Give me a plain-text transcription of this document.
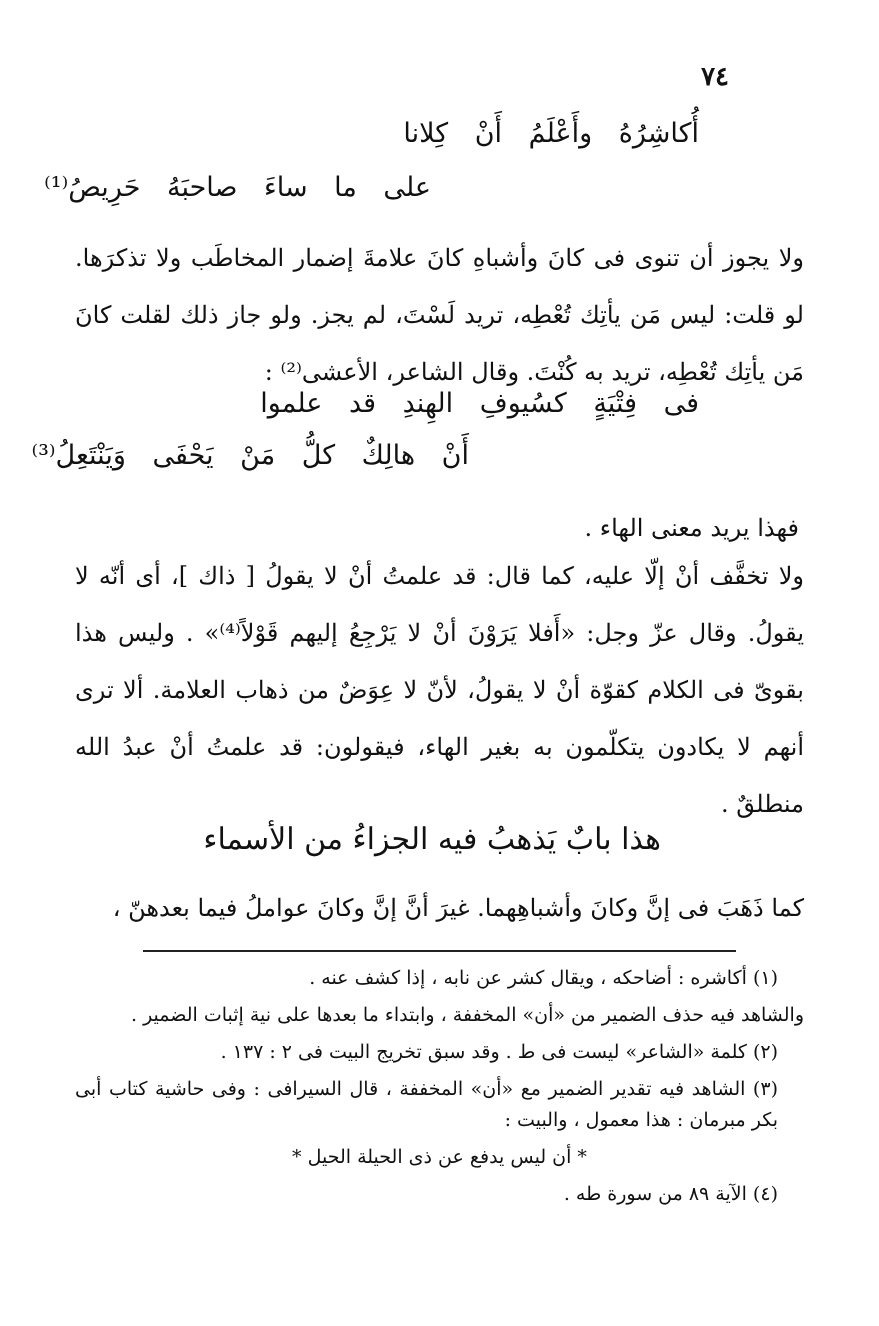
٧٤
أُكاشِرُهُ وأَعْلَمُ أَنْ كِلانا
على ما ساءَ صاحبَهُ حَرِيصُ⁽¹⁾

ولا يجوز أن تنوى فى كانَ وأشباهِ كانَ علامةَ إضمار المخاطَب ولا تذكرَها. لو قلت: ليس مَن يأتِك تُعْطِه، تريد لَسْتَ، لم يجز. ولو جاز ذلك لقلت كانَ مَن يأتِك تُعْطِه، تريد به كُنْتَ. وقال الشاعر، الأعشى⁽²⁾ :

فى فِتْيَةٍ كسُيوفِ الهِندِ قد علموا
أَنْ هالِكٌ كلُّ مَنْ يَحْفَى وَيَنْتَعِلُ⁽³⁾

فهذا يريد معنى الهاء .

ولا تخفَّف أنْ إلّا عليه، كما قال: قد علمتُ أنْ لا يقولُ [ ذاك ]، أى أنّه لا يقولُ. وقال عزّ وجل: «أَفلا يَرَوْنَ أنْ لا يَرْجِعُ إليهم قَوْلاً⁽⁴⁾» . وليس هذا بقوىّ فى الكلام كقوّة أنْ لا يقولُ، لأنّ لا عِوَضٌ من ذهاب العلامة. ألا ترى أنهم لا يكادون يتكلّمون به بغير الهاء، فيقولون: قد علمتُ أنْ عبدُ الله منطلقٌ .

هذا بابٌ يَذهبُ فيه الجزاءُ من الأسماء

كما ذَهَبَ فى إنَّ وكانَ وأشباهِهما. غيرَ أنَّ إنَّ وكانَ عواملُ فيما بعدهنّ ،

(١) أكاشره : أضاحكه ، ويقال كشر عن نابه ، إذا كشف عنه .

والشاهد فيه حذف الضمير من «أن» المخففة ، وابتداء ما بعدها على نية إثبات الضمير .

(٢) كلمة «الشاعر» ليست فى ط . وقد سبق تخريج البيت فى ٢ : ١٣٧ .

(٣) الشاهد فيه تقدير الضمير مع «أن» المخففة ، قال السيرافى : وفى حاشية كتاب أبى بكر مبرمان : هذا معمول ، والبيت :

* أن ليس يدفع عن ذى الحيلة الحيل *

(٤) الآية ٨٩ من سورة طه .
